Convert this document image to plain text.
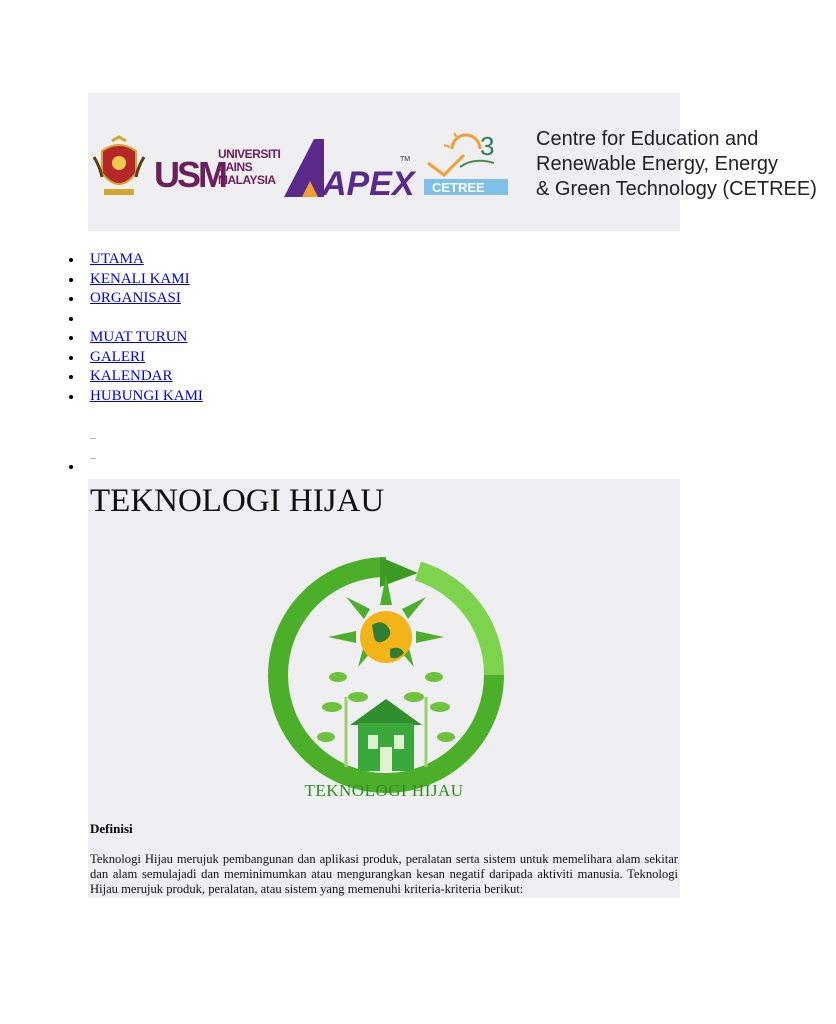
USM
UNIVERSITI
SAINS
MALAYSIA APEX
TM	3
CETREE
Centre for Education and
Renewable Energy, Energy
& Green Technology (CETREE)
UTAMA
KENALI KAMI
ORGANISASI
MUAT TURUN
GALERI
KALENDAR
HUBUNGI KAMI
...
...
TEKNOLOGI HIJAU
TEKNOLOGI HIJAU
Definisi

Teknologi Hijau merujuk pembangunan dan aplikasi produk, peralatan serta sistem untuk memelihara alam sekitar dan alam semulajadi dan meminimumkan atau mengurangkan kesan negatif daripada aktiviti manusia. Teknologi Hijau merujuk produk, peralatan, atau sistem yang memenuhi kriteria-kriteria berikut:
